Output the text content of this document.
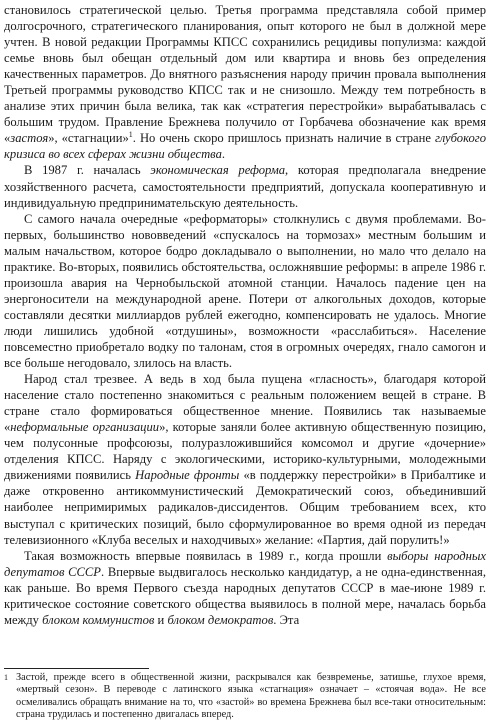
становилось стратегической целью. Третья программа представляла собой пример долгосрочного, стратегического планирования, опыт которого не был в должной мере учтен. В новой редакции Программы КПСС сохранились рецидивы популизма: каждой семье вновь был обещан отдельный дом или квартира и вновь без определения качественных параметров. До внятного разъяснения народу причин провала выполнения Третьей программы руководство КПСС так и не снизошло. Между тем потребность в анализе этих причин была велика, так как «стратегия перестройки» вырабатывалась с большим трудом. Правление Брежнева получило от Горбачева обозначение как время «застоя», «стагнации»$^1$. Но очень скоро пришлось признать наличие в стране глубокого кризиса во всех сферах жизни общества.

В 1987 г. началась экономическая реформа, которая предполагала внедрение хозяйственного расчета, самостоятельности предприятий, допускала кооперативную и индивидуальную предпринимательскую деятельность.

С самого начала очередные «реформаторы» столкнулись с двумя проблемами. Во-первых, большинство нововведений «спускалось на тормозах» местным большим и малым начальством, которое бодро докладывало о выполнении, но мало что делало на практике. Во-вторых, появились обстоятельства, осложнявшие реформы: в апреле 1986 г. произошла авария на Чернобыльской атомной станции. Началось падение цен на энергоносители на международной арене. Потери от алкогольных доходов, которые составляли десятки миллиардов рублей ежегодно, компенсировать не удалось. Многие люди лишились удобной «отдушины», возможности «расслабиться». Население повсеместно приобретало водку по талонам, стоя в огромных очередях, гнало самогон и все больше негодовало, злилось на власть.

Народ стал трезвее. А ведь в ход была пущена «гласность», благодаря которой население стало постепенно знакомиться с реальным положением вещей в стране. В стране стало формироваться общественное мнение. Появились так называемые «неформальные организации», которые заняли более активную общественную позицию, чем полусонные профсоюзы, полуразложившийся комсомол и другие «дочерние» отделения КПСС. Наряду с экологическими, историко-культурными, молодежными движениями появились Народные фронты «в поддержку перестройки» в Прибалтике и даже откровенно антикоммунистический Демократический союз, объединивший наиболее непримиримых радикалов-диссидентов. Общим требованием всех, кто выступал с критических позиций, было сформулированное во время одной из передач телевизионного «Клуба веселых и находчивых» желание: «Партия, дай порулить!»

Такая возможность впервые появилась в 1989 г., когда прошли выборы народных депутатов СССР. Впервые выдвигалось несколько кандидатур, а не одна-единственная, как раньше. Во время Первого съезда народных депутатов СССР в мае-июне 1989 г. критическое состояние советского общества выявилось в полной мере, началась борьба между блоком коммунистов и блоком демократов. Эта

1 Застой, прежде всего в общественной жизни, раскрывался как безвременье, затишье, глухое время, «мертвый сезон». В переводе с латинского языка «стагнация» означает – «стоячая вода». Не все осмеливались обращать внимание на то, что «застой» во времена Брежнева был все-таки относительным: страна трудилась и постепенно двигалась вперед.
